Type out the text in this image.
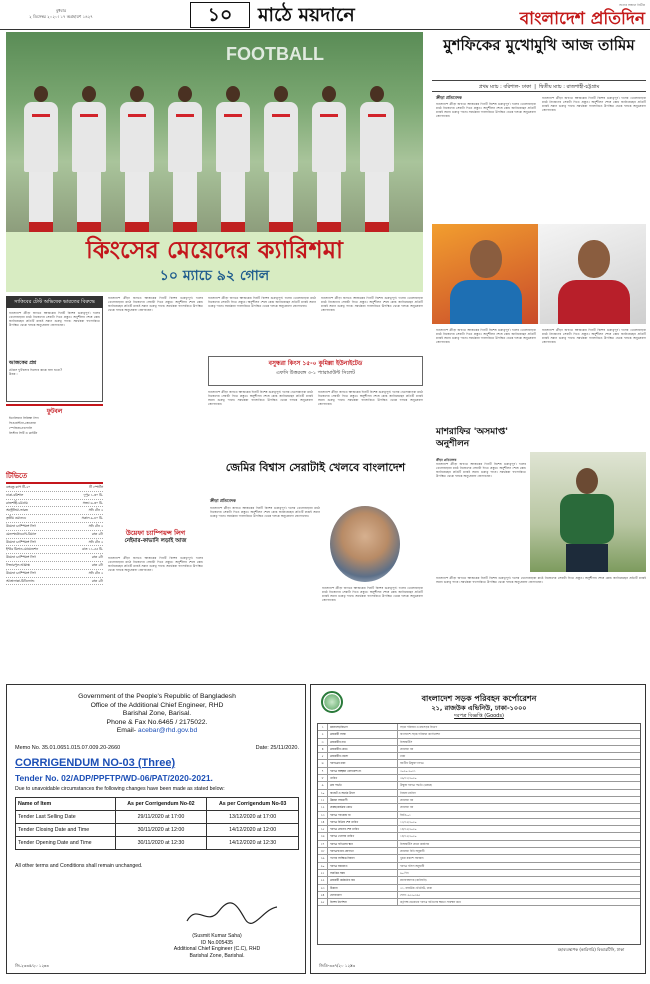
বুধবার
২ ডিসেম্বর ২০২০। ১৭ অগ্রহায়ণ ১৪২৭	১০	মাঠে ময়দানে	সত্যের সন্ধানে নির্ভীক
বাংলাদেশ প্রতিদিন
FOOTBALL
কিংসের মেয়েদের ক্যারিশমা
১০ ম্যাচে ৯২ গোল
মুশফিকের মুখোমুখি আজ তামিম
প্রথম ম্যাচ : বরিশাল- ঢাকা  |  দ্বিতীয় ম্যাচ : রাজশাহী-চট্টগ্রাম
ক্রীড়া প্রতিবেদক
বাংলাদেশ ক্রীড়া জগতে আজকের দিনটি বিশেষ গুরুত্বপূর্ণ। দলের খেলোয়াড়রা মাঠে নিজেদের সেরাটা দিতে প্রস্তুত। অনুশীলন শেষে কোচ জানিয়েছেন প্রতিটি ম্যাচই সমান গুরুত্ব পাবে। সমর্থকরা গ্যালারিতে উপস্থিত থেকে দলকে অনুপ্রেরণা জোগাবেন।
বাংলাদেশ ক্রীড়া জগতে আজকের দিনটি বিশেষ গুরুত্বপূর্ণ। দলের খেলোয়াড়রা মাঠে নিজেদের সেরাটা দিতে প্রস্তুত। অনুশীলন শেষে কোচ জানিয়েছেন প্রতিটি ম্যাচই সমান গুরুত্ব পাবে। সমর্থকরা গ্যালারিতে উপস্থিত থেকে দলকে অনুপ্রেরণা জোগাবেন।
বাংলাদেশ ক্রীড়া জগতে আজকের দিনটি বিশেষ গুরুত্বপূর্ণ। দলের খেলোয়াড়রা মাঠে নিজেদের সেরাটা দিতে প্রস্তুত। অনুশীলন শেষে কোচ জানিয়েছেন প্রতিটি ম্যাচই সমান গুরুত্ব পাবে। সমর্থকরা গ্যালারিতে উপস্থিত থেকে দলকে অনুপ্রেরণা জোগাবেন।
বাংলাদেশ ক্রীড়া জগতে আজকের দিনটি বিশেষ গুরুত্বপূর্ণ। দলের খেলোয়াড়রা মাঠে নিজেদের সেরাটা দিতে প্রস্তুত। অনুশীলন শেষে কোচ জানিয়েছেন প্রতিটি ম্যাচই সমান গুরুত্ব পাবে। সমর্থকরা গ্যালারিতে উপস্থিত থেকে দলকে অনুপ্রেরণা জোগাবেন।
সাকিবের টেস্ট অভিষেক ভারতের বিরুদ্ধে
বাংলাদেশ ক্রীড়া জগতে আজকের দিনটি বিশেষ গুরুত্বপূর্ণ। দলের খেলোয়াড়রা মাঠে নিজেদের সেরাটা দিতে প্রস্তুত। অনুশীলন শেষে কোচ জানিয়েছেন প্রতিটি ম্যাচই সমান গুরুত্ব পাবে। সমর্থকরা গ্যালারিতে উপস্থিত থেকে দলকে অনুপ্রেরণা জোগাবেন।
আজকের প্রশ্ন
চৌকস ফুটবলার হিসেবে কাকে বলা হতো?
উত্তর :
ফুটবল
ইতালিয়ান সিরিআ লিগ
ফিওরেন্টিনা-জেনোয়া
স্পেজিয়া-নাপোলি
লিস্টার সিটি ও ব্রাইটন
টিভিতে
বঙ্গবন্ধু কাপ টি-২০	টি স্পোর্টস
ঢাকা-বরিশাল	দুপুর ১-৩০ মি.
রাজশাহী-চট্টগ্রাম	সন্ধ্যা ৬-৩০ মি.
অস্ট্রেলিয়া-ভারত	সনি টেন ২
তৃতীয় ওয়ানডে	সকাল ৯-৪০ মি.
উয়েফা চ্যাম্পিয়ন্স লিগ	সনি টেন ২
মেনশেনগ্লাডবাখ-রিয়াল	রাত ২টা
উয়েফা চ্যাম্পিয়ন্স লিগ	সনি টেন ২
ইন্টার মিলান-মোয়েনশেন	রাত ১১-৫৫ মি.
উয়েফা চ্যাম্পিয়ন্স লিগ	রাত ২টা
লিভারপুল-আয়াক্স	রাত ২টা
উয়েফা চ্যাম্পিয়ন্স লিগ	সনি টেন ২
আতালান্তা-মিডিল্যান্ড	রাত ২টা
বাংলাদেশ ক্রীড়া জগতে আজকের দিনটি বিশেষ গুরুত্বপূর্ণ। দলের খেলোয়াড়রা মাঠে নিজেদের সেরাটা দিতে প্রস্তুত। অনুশীলন শেষে কোচ জানিয়েছেন প্রতিটি ম্যাচই সমান গুরুত্ব পাবে। সমর্থকরা গ্যালারিতে উপস্থিত থেকে দলকে অনুপ্রেরণা জোগাবেন।
বাংলাদেশ ক্রীড়া জগতে আজকের দিনটি বিশেষ গুরুত্বপূর্ণ। দলের খেলোয়াড়রা মাঠে নিজেদের সেরাটা দিতে প্রস্তুত। অনুশীলন শেষে কোচ জানিয়েছেন প্রতিটি ম্যাচই সমান গুরুত্ব পাবে। সমর্থকরা গ্যালারিতে উপস্থিত থেকে দলকে অনুপ্রেরণা জোগাবেন।
বাংলাদেশ ক্রীড়া জগতে আজকের দিনটি বিশেষ গুরুত্বপূর্ণ। দলের খেলোয়াড়রা মাঠে নিজেদের সেরাটা দিতে প্রস্তুত। অনুশীলন শেষে কোচ জানিয়েছেন প্রতিটি ম্যাচই সমান গুরুত্ব পাবে। সমর্থকরা গ্যালারিতে উপস্থিত থেকে দলকে অনুপ্রেরণা জোগাবেন।
বসুন্ধরা কিংস ১৫-০ কুমিল্লা ইউনাইটেড
এফসি উত্তরবঙ্গ ৩-১ প্যারামাউন্ট সিলেট
বাংলাদেশ ক্রীড়া জগতে আজকের দিনটি বিশেষ গুরুত্বপূর্ণ। দলের খেলোয়াড়রা মাঠে নিজেদের সেরাটা দিতে প্রস্তুত। অনুশীলন শেষে কোচ জানিয়েছেন প্রতিটি ম্যাচই সমান গুরুত্ব পাবে। সমর্থকরা গ্যালারিতে উপস্থিত থেকে দলকে অনুপ্রেরণা জোগাবেন।
বাংলাদেশ ক্রীড়া জগতে আজকের দিনটি বিশেষ গুরুত্বপূর্ণ। দলের খেলোয়াড়রা মাঠে নিজেদের সেরাটা দিতে প্রস্তুত। অনুশীলন শেষে কোচ জানিয়েছেন প্রতিটি ম্যাচই সমান গুরুত্ব পাবে। সমর্থকরা গ্যালারিতে উপস্থিত থেকে দলকে অনুপ্রেরণা জোগাবেন।
উয়েফা চ্যাম্পিয়ন্স লিগ
নেইমার-কাভানি লড়াই আজ
বাংলাদেশ ক্রীড়া জগতে আজকের দিনটি বিশেষ গুরুত্বপূর্ণ। দলের খেলোয়াড়রা মাঠে নিজেদের সেরাটা দিতে প্রস্তুত। অনুশীলন শেষে কোচ জানিয়েছেন প্রতিটি ম্যাচই সমান গুরুত্ব পাবে। সমর্থকরা গ্যালারিতে উপস্থিত থেকে দলকে অনুপ্রেরণা জোগাবেন।
জেমির বিশ্বাস সেরাটাই খেলবে বাংলাদেশ
ক্রীড়া প্রতিবেদক
বাংলাদেশ ক্রীড়া জগতে আজকের দিনটি বিশেষ গুরুত্বপূর্ণ। দলের খেলোয়াড়রা মাঠে নিজেদের সেরাটা দিতে প্রস্তুত। অনুশীলন শেষে কোচ জানিয়েছেন প্রতিটি ম্যাচই সমান গুরুত্ব পাবে। সমর্থকরা গ্যালারিতে উপস্থিত থেকে দলকে অনুপ্রেরণা জোগাবেন।
বাংলাদেশ ক্রীড়া জগতে আজকের দিনটি বিশেষ গুরুত্বপূর্ণ। দলের খেলোয়াড়রা মাঠে নিজেদের সেরাটা দিতে প্রস্তুত। অনুশীলন শেষে কোচ জানিয়েছেন প্রতিটি ম্যাচই সমান গুরুত্ব পাবে। সমর্থকরা গ্যালারিতে উপস্থিত থেকে দলকে অনুপ্রেরণা জোগাবেন।
মাশরাফির 'অসমাপ্ত' অনুশীলন
ক্রীড়া প্রতিবেদক
বাংলাদেশ ক্রীড়া জগতে আজকের দিনটি বিশেষ গুরুত্বপূর্ণ। দলের খেলোয়াড়রা মাঠে নিজেদের সেরাটা দিতে প্রস্তুত। অনুশীলন শেষে কোচ জানিয়েছেন প্রতিটি ম্যাচই সমান গুরুত্ব পাবে। সমর্থকরা গ্যালারিতে উপস্থিত থেকে দলকে অনুপ্রেরণা জোগাবেন।
বাংলাদেশ ক্রীড়া জগতে আজকের দিনটি বিশেষ গুরুত্বপূর্ণ। দলের খেলোয়াড়রা মাঠে নিজেদের সেরাটা দিতে প্রস্তুত। অনুশীলন শেষে কোচ জানিয়েছেন প্রতিটি ম্যাচই সমান গুরুত্ব পাবে। সমর্থকরা গ্যালারিতে উপস্থিত থেকে দলকে অনুপ্রেরণা জোগাবেন।
Government of the People's Republic of Bangladesh
Office of the Additional Chief Engineer, RHD
Barishal Zone, Barisal.
Phone & Fax No.6465 / 2175022.
Email- acebar@rhd.gov.bd
Memo No. 35.01.0651.015.07.009.20-2660	Date: 25/11/2020.
CORRIGENDUM NO-03 (Three)
Tender No. 02/ADP/PPFTP/WD-06/PAT/2020-2021.
Due to unavoidable circumstances the following changes have been made as stated below:
Name of Item	As per Corrigendum No-02	As per Corrigendum No-03
Tender Last Selling Date	29/11/2020 at 17:00	13/12/2020 at 17:00
Tender Closing Date and Time	30/11/2020 at 12:00	14/12/2020 at 12:00
Tender Opening Date and Time	30/11/2020 at 12:30	14/12/2020 at 12:30
All other terms and Conditions shall remain unchanged.
(Susmit Kumar Saha)
ID No.005435
Additional Chief Engineer (C.C), RHD
Barishal Zone, Barishal.
জি-২৩৩৫/২০ ১২x৩
বাংলাদেশ সড়ক পরিবহন কর্পোরেশন
২১, রাজউক এভিনিউ, ঢাকা-১০০০
দরপত্র বিজ্ঞপ্তি (Goods)
১	মন্ত্রণালয়/বিভাগ	সড়ক পরিবহন ও মহাসড়ক বিভাগ
২	ক্রয়কারী সংস্থা	বাংলাদেশ সড়ক পরিবহন কর্পোরেশন
৩	ক্রয়কারীর নাম	বিআরটিসি
৪	ক্রয়কারীর কোড	প্রযোজ্য নয়
৫	ক্রয়কারীর জেলা	ঢাকা
৬	দরপত্রের ধরন	জাতীয় উন্মুক্ত দরপত্র
৭	দরপত্র আহ্বান রেফারেন্স নং	২০২০-২০২১
৮	তারিখ	২৯/১১/২০২০
৯	ক্রয় পদ্ধতি	উন্মুক্ত দরপত্র পদ্ধতি (OTM)
১০	বাজেট ও অর্থের উৎস	নিজস্ব তহবিল
১১	উন্নয়ন সহযোগী	প্রযোজ্য নয়
১২	প্রকল্প/কার্যক্রম কোড	প্রযোজ্য নয়
১৩	দরপত্র প্যাকেজ নং	জিডি-০১
১৪	দরপত্র বিক্রির শেষ তারিখ	১৩/১২/২০২০
১৫	দরপত্র গ্রহণের শেষ তারিখ	১৪/১২/২০২০
১৬	দরপত্র খোলার তারিখ	১৪/১২/২০২০
১৭	দরপত্র দাখিলের স্থান	বিআরটিসি প্রধান কার্যালয়
১৮	দরপত্রদাতার যোগ্যতা	প্রযোজ্য বিধি অনুযায়ী
১৯	পণ্যের সংক্ষিপ্ত বিবরণ	খুচরা যন্ত্রাংশ সরবরাহ
২০	দরপত্র জামানত	দরপত্র দলিল অনুযায়ী
২১	সমাপ্তির সময়	৯০ দিন
২২	ক্রয়কারী কর্মকর্তার নাম	মহাব্যবস্থাপক (কারিগরি)
২৩	ঠিকানা	২১, রাজউক এভিনিউ, ঢাকা
২৪	যোগাযোগ	ফোন: ৯৫৫০৩৯৫
২৫	বিশেষ নির্দেশনা	কর্তৃপক্ষ যেকোনো দরপত্র বাতিলের ক্ষমতা সংরক্ষণ করে
মহাব্যবস্থাপক (কারিগরি) বিআরটিসি, ঢাকা
জিডি-৩৩৭/২০ ১২x৩
